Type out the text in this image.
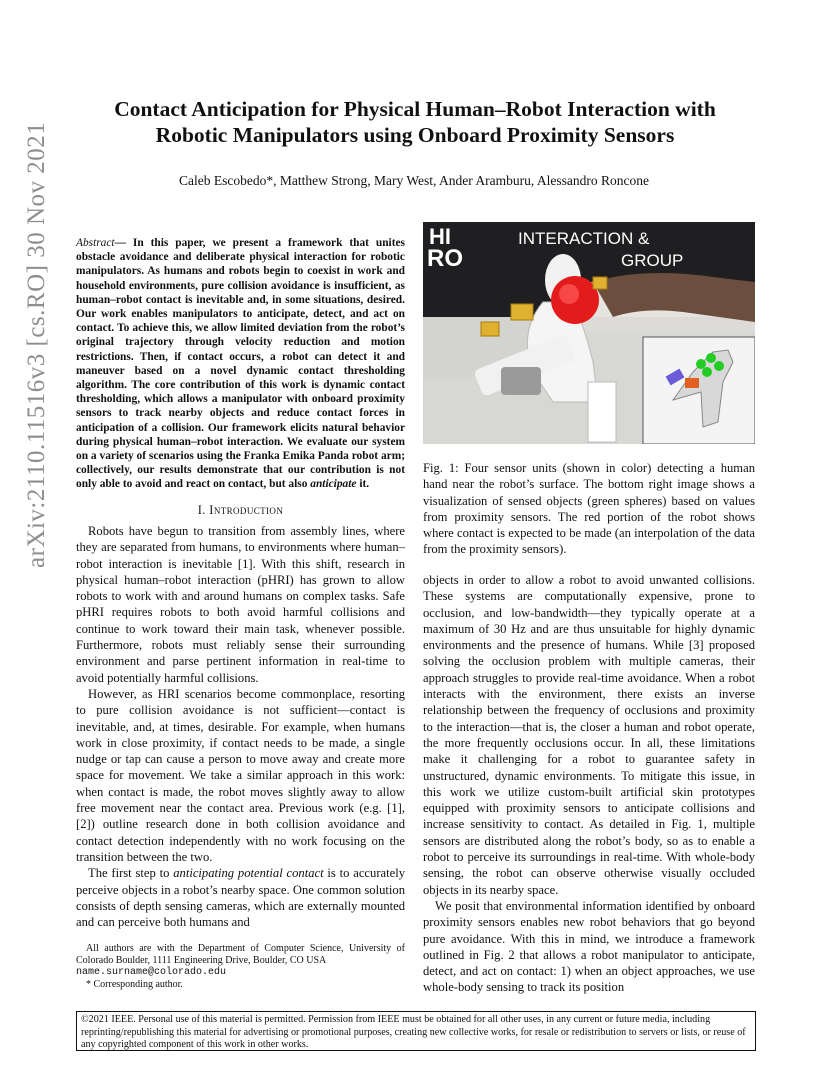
arXiv:2110.11516v3 [cs.RO] 30 Nov 2021
Contact Anticipation for Physical Human–Robot Interaction with
Robotic Manipulators using Onboard Proximity Sensors
Caleb Escobedo*, Matthew Strong, Mary West, Ander Aramburu, Alessandro Roncone
Abstract— In this paper, we present a framework that unites obstacle avoidance and deliberate physical interaction for robotic manipulators. As humans and robots begin to coexist in work and household environments, pure collision avoidance is insufficient, as human–robot contact is inevitable and, in some situations, desired. Our work enables manipulators to anticipate, detect, and act on contact. To achieve this, we allow limited deviation from the robot’s original trajectory through velocity reduction and motion restrictions. Then, if contact occurs, a robot can detect it and maneuver based on a novel dynamic contact thresholding algorithm. The core contribution of this work is dynamic contact thresholding, which allows a manipulator with onboard proximity sensors to track nearby objects and reduce contact forces in anticipation of a collision. Our framework elicits natural behavior during physical human–robot interaction. We evaluate our system on a variety of scenarios using the Franka Emika Panda robot arm; collectively, our results demonstrate that our contribution is not only able to avoid and react on contact, but also anticipate it.
I. Introduction

Robots have begun to transition from assembly lines, where they are separated from humans, to environments where human–robot interaction is inevitable [1]. With this shift, research in physical human–robot interaction (pHRI) has grown to allow robots to work with and around humans on complex tasks. Safe pHRI requires robots to both avoid harmful collisions and continue to work toward their main task, whenever possible. Furthermore, robots must reliably sense their surrounding environment and parse pertinent information in real-time to avoid potentially harmful collisions.

However, as HRI scenarios become commonplace, resorting to pure collision avoidance is not sufficient—contact is inevitable, and, at times, desirable. For example, when humans work in close proximity, if contact needs to be made, a single nudge or tap can cause a person to move away and create more space for movement. We take a similar approach in this work: when contact is made, the robot moves slightly away to allow free movement near the contact area. Previous work (e.g. [1], [2]) outline research done in both collision avoidance and contact detection independently with no work focusing on the transition between the two.

The first step to anticipating potential contact is to accurately perceive objects in a robot’s nearby space. One common solution consists of depth sensing cameras, which are externally mounted and can perceive both humans and

All authors are with the Department of Computer Science, University of Colorado Boulder, 1111 Engineering Drive, Boulder, CO USA

name.surname@colorado.edu

* Corresponding author.

HI
RO
INTERACTION &
GROUP
Fig. 1: Four sensor units (shown in color) detecting a human hand near the robot’s surface. The bottom right image shows a visualization of sensed objects (green spheres) based on values from proximity sensors. The red portion of the robot shows where contact is expected to be made (an interpolation of the data from the proximity sensors).

objects in order to allow a robot to avoid unwanted collisions. These systems are computationally expensive, prone to occlusion, and low-bandwidth—they typically operate at a maximum of 30 Hz and are thus unsuitable for highly dynamic environments and the presence of humans. While [3] proposed solving the occlusion problem with multiple cameras, their approach struggles to provide real-time avoidance. When a robot interacts with the environment, there exists an inverse relationship between the frequency of occlusions and proximity to the interaction—that is, the closer a human and robot operate, the more frequently occlusions occur. In all, these limitations make it challenging for a robot to guarantee safety in unstructured, dynamic environments. To mitigate this issue, in this work we utilize custom-built artificial skin prototypes equipped with proximity sensors to anticipate collisions and increase sensitivity to contact. As detailed in Fig. 1, multiple sensors are distributed along the robot’s body, so as to enable a robot to perceive its surroundings in real-time. With whole-body sensing, the robot can observe otherwise visually occluded objects in its nearby space.

We posit that environmental information identified by onboard proximity sensors enables new robot behaviors that go beyond pure avoidance. With this in mind, we introduce a framework outlined in Fig. 2 that allows a robot manipulator to anticipate, detect, and act on contact: 1) when an object approaches, we use whole-body sensing to track its position

©2021 IEEE. Personal use of this material is permitted. Permission from IEEE must be obtained for all other uses, in any current or future media, including reprinting/republishing this material for advertising or promotional purposes, creating new collective works, for resale or redistribution to servers or lists, or reuse of any copyrighted component of this work in other works.
